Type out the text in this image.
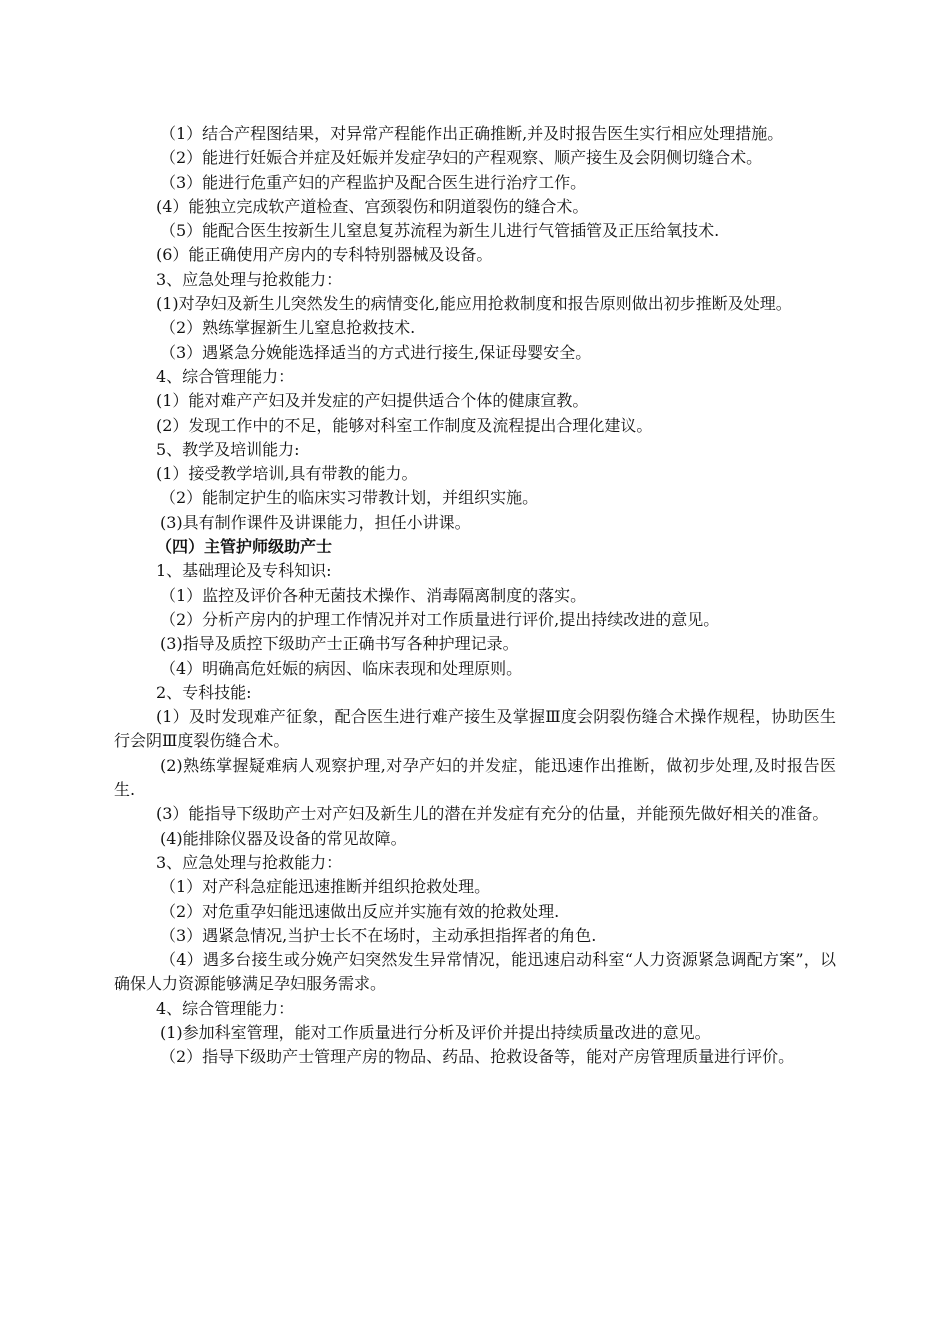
（1）结合产程图结果，对异常产程能作出正确推断,并及时报告医生实行相应处理措施。

（2）能进行妊娠合并症及妊娠并发症孕妇的产程观察、顺产接生及会阴侧切缝合术。

（3）能进行危重产妇的产程监护及配合医生进行治疗工作。

(4）能独立完成软产道检查、宫颈裂伤和阴道裂伤的缝合术。

（5）能配合医生按新生儿窒息复苏流程为新生儿进行气管插管及正压给氧技术.

(6）能正确使用产房内的专科特别器械及设备。

3、应急处理与抢救能力：

(1)对孕妇及新生儿突然发生的病情变化,能应用抢救制度和报告原则做出初步推断及处理。

（2）熟练掌握新生儿窒息抢救技术.

（3）遇紧急分娩能选择适当的方式进行接生,保证母婴安全。

4、综合管理能力：

(1）能对难产产妇及并发症的产妇提供适合个体的健康宣教。

(2）发现工作中的不足，能够对科室工作制度及流程提出合理化建议。

5、教学及培训能力:

(1）接受教学培训,具有带教的能力。

（2）能制定护生的临床实习带教计划，并组织实施。

(3)具有制作课件及讲课能力，担任小讲课。

（四）主管护师级助产士

1、基础理论及专科知识:

（1）监控及评价各种无菌技术操作、消毒隔离制度的落实。

（2）分析产房内的护理工作情况并对工作质量进行评价,提出持续改进的意见。

(3)指导及质控下级助产士正确书写各种护理记录。

（4）明确高危妊娠的病因、临床表现和处理原则。

2、专科技能:

(1）及时发现难产征象，配合医生进行难产接生及掌握Ⅲ度会阴裂伤缝合术操作规程，协助医生行会阴Ⅲ度裂伤缝合术。

(2)熟练掌握疑难病人观察护理,对孕产妇的并发症，能迅速作出推断，做初步处理,及时报告医生.

(3）能指导下级助产士对产妇及新生儿的潜在并发症有充分的估量，并能预先做好相关的准备。

(4)能排除仪器及设备的常见故障。

3、应急处理与抢救能力：

（1）对产科急症能迅速推断并组织抢救处理。

（2）对危重孕妇能迅速做出反应并实施有效的抢救处理.

（3）遇紧急情况,当护士长不在场时，主动承担指挥者的角色.

（4）遇多台接生或分娩产妇突然发生异常情况，能迅速启动科室“人力资源紧急调配方案”，以确保人力资源能够满足孕妇服务需求。

4、综合管理能力：

(1)参加科室管理，能对工作质量进行分析及评价并提出持续质量改进的意见。

（2）指导下级助产士管理产房的物品、药品、抢救设备等，能对产房管理质量进行评价。
